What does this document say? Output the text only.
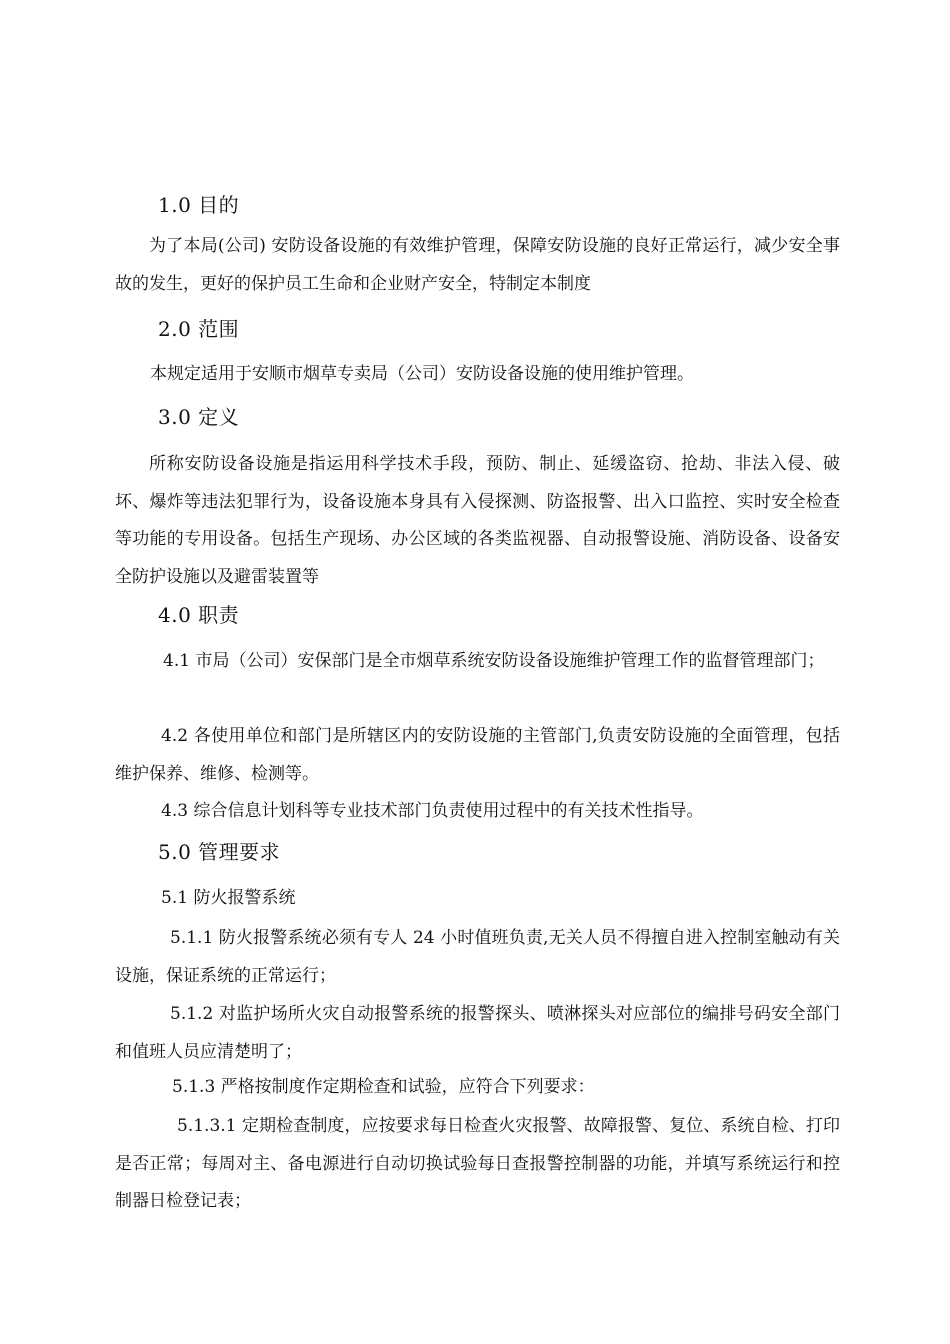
1.0 目的
为了本局(公司) 安防设备设施的有效维护管理，保障安防设施的良好正常运行，减少安全事故的发生，更好的保护员工生命和企业财产安全，特制定本制度
2.0 范围
本规定适用于安顺市烟草专卖局（公司）安防设备设施的使用维护管理。
3.0 定义
所称安防设备设施是指运用科学技术手段，预防、制止、延缓盗窃、抢劫、非法入侵、破坏、爆炸等违法犯罪行为，设备设施本身具有入侵探测、防盗报警、出入口监控、实时安全检查等功能的专用设备。包括生产现场、办公区域的各类监视器、自动报警设施、消防设备、设备安全防护设施以及避雷装置等
4.0 职责
4.1 市局（公司）安保部门是全市烟草系统安防设备设施维护管理工作的监督管理部门；
4.2 各使用单位和部门是所辖区内的安防设施的主管部门,负责安防设施的全面管理，包括维护保养、维修、检测等。
4.3 综合信息计划科等专业技术部门负责使用过程中的有关技术性指导。
5.0 管理要求
5.1 防火报警系统
5.1.1 防火报警系统必须有专人 24 小时值班负责,无关人员不得擅自进入控制室触动有关设施，保证系统的正常运行；
5.1.2 对监护场所火灾自动报警系统的报警探头、喷淋探头对应部位的编排号码安全部门和值班人员应清楚明了；
5.1.3 严格按制度作定期检查和试验，应符合下列要求：
5.1.3.1 定期检查制度，应按要求每日检查火灾报警、故障报警、复位、系统自检、打印是否正常；每周对主、备电源进行自动切换试验每日查报警控制器的功能，并填写系统运行和控制器日检登记表；
